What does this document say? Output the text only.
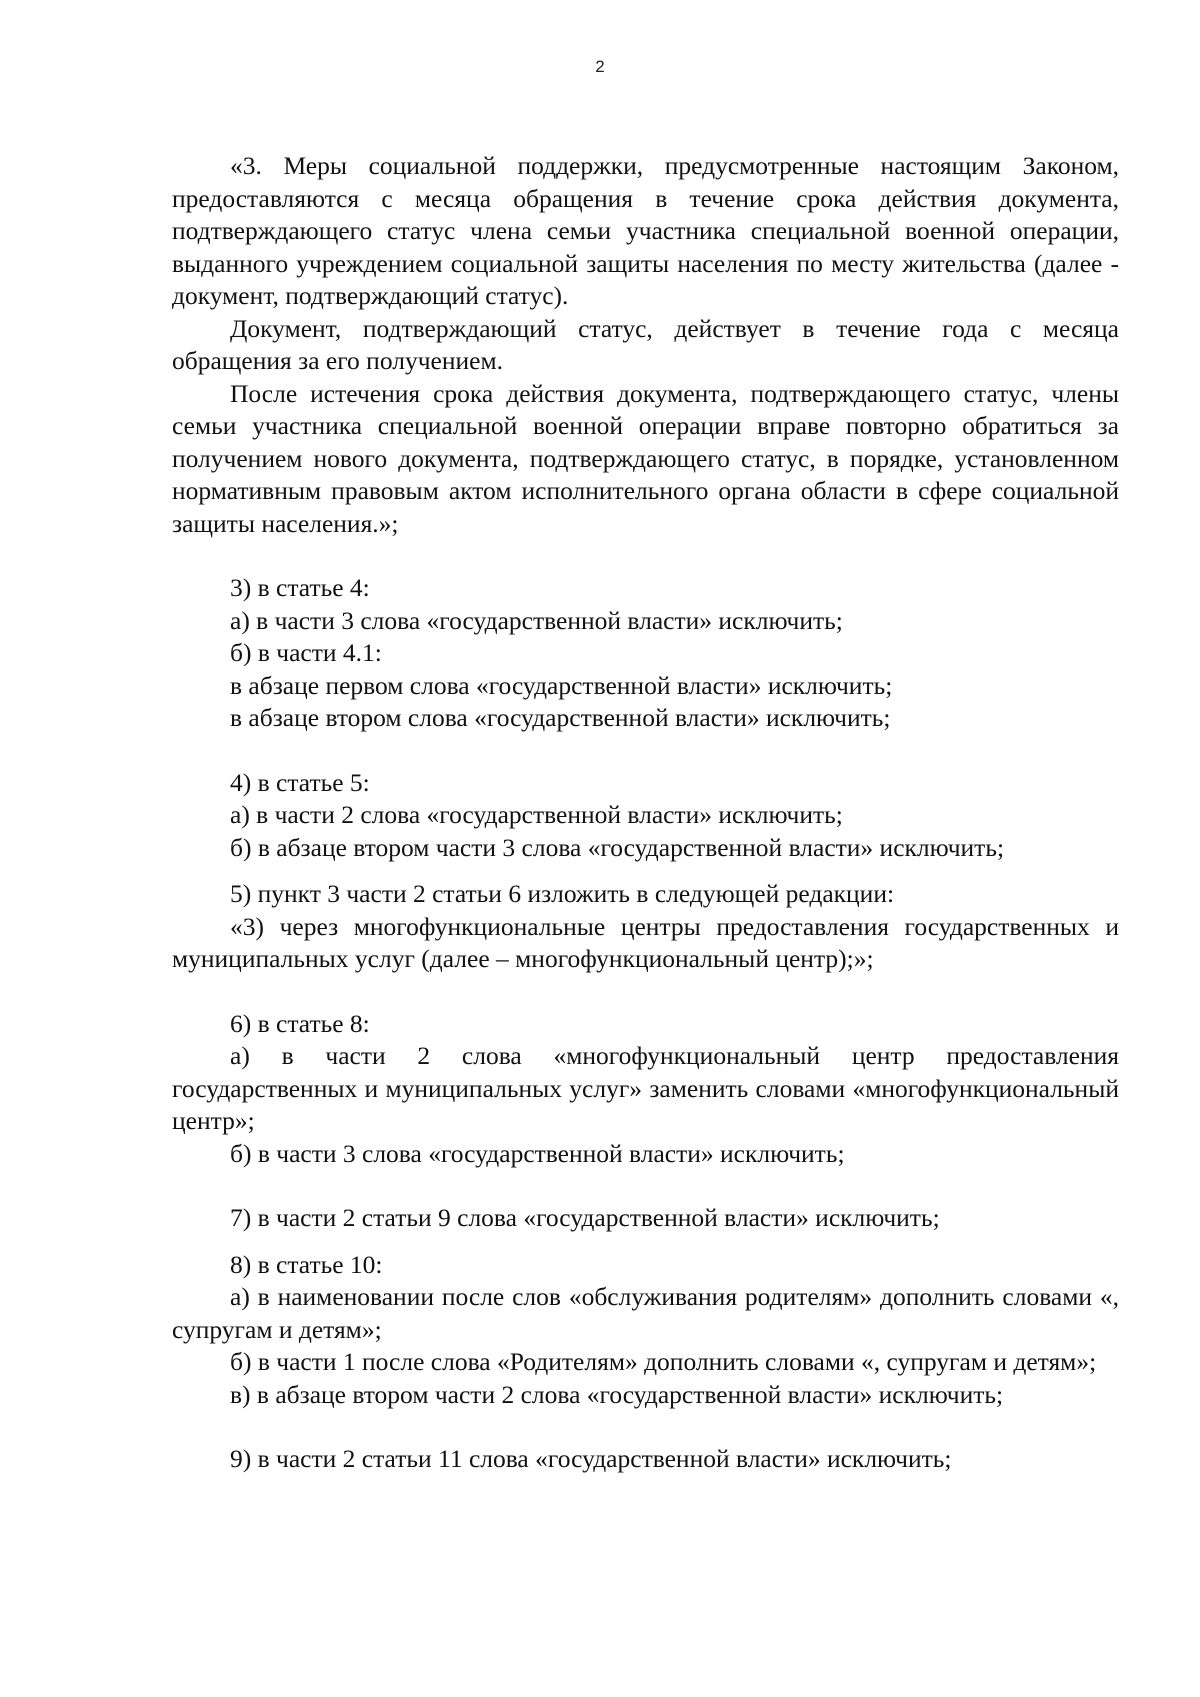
2

«3. Меры социальной поддержки, предусмотренные настоящим Законом, предоставляются с месяца обращения в течение срока действия документа, подтверждающего статус члена семьи участника специальной военной операции, выданного учреждением социальной защиты населения по месту жительства (далее - документ, подтверждающий статус).

Документ, подтверждающий статус, действует в течение года с месяца обращения за его получением.

После истечения срока действия документа, подтверждающего статус, члены семьи участника специальной военной операции вправе повторно обратиться за получением нового документа, подтверждающего статус, в порядке, установленном нормативным правовым актом исполнительного органа области в сфере социальной защиты населения.»;

3) в статье 4:

а) в части 3 слова «государственной власти» исключить;

б) в части 4.1:

в абзаце первом слова «государственной власти» исключить;

в абзаце втором слова «государственной власти» исключить;

4) в статье 5:

а) в части 2 слова «государственной власти» исключить;

б) в абзаце втором части 3 слова «государственной власти» исключить;

5) пункт 3 части 2 статьи 6 изложить в следующей редакции:

«3) через многофункциональные центры предоставления государственных и муниципальных услуг (далее – многофункциональный центр);»;

6) в статье 8:

а) в части 2 слова «многофункциональный центр предоставления государственных и муниципальных услуг» заменить словами «многофункциональный центр»;

б) в части 3 слова «государственной власти» исключить;

7) в части 2 статьи 9 слова «государственной власти» исключить;

8) в статье 10:

а) в наименовании после слов «обслуживания родителям» дополнить словами «, супругам и детям»;

б) в части 1 после слова «Родителям» дополнить словами «, супругам и детям»;

в) в абзаце втором части 2 слова «государственной власти» исключить;

9) в части 2 статьи 11 слова «государственной власти» исключить;
